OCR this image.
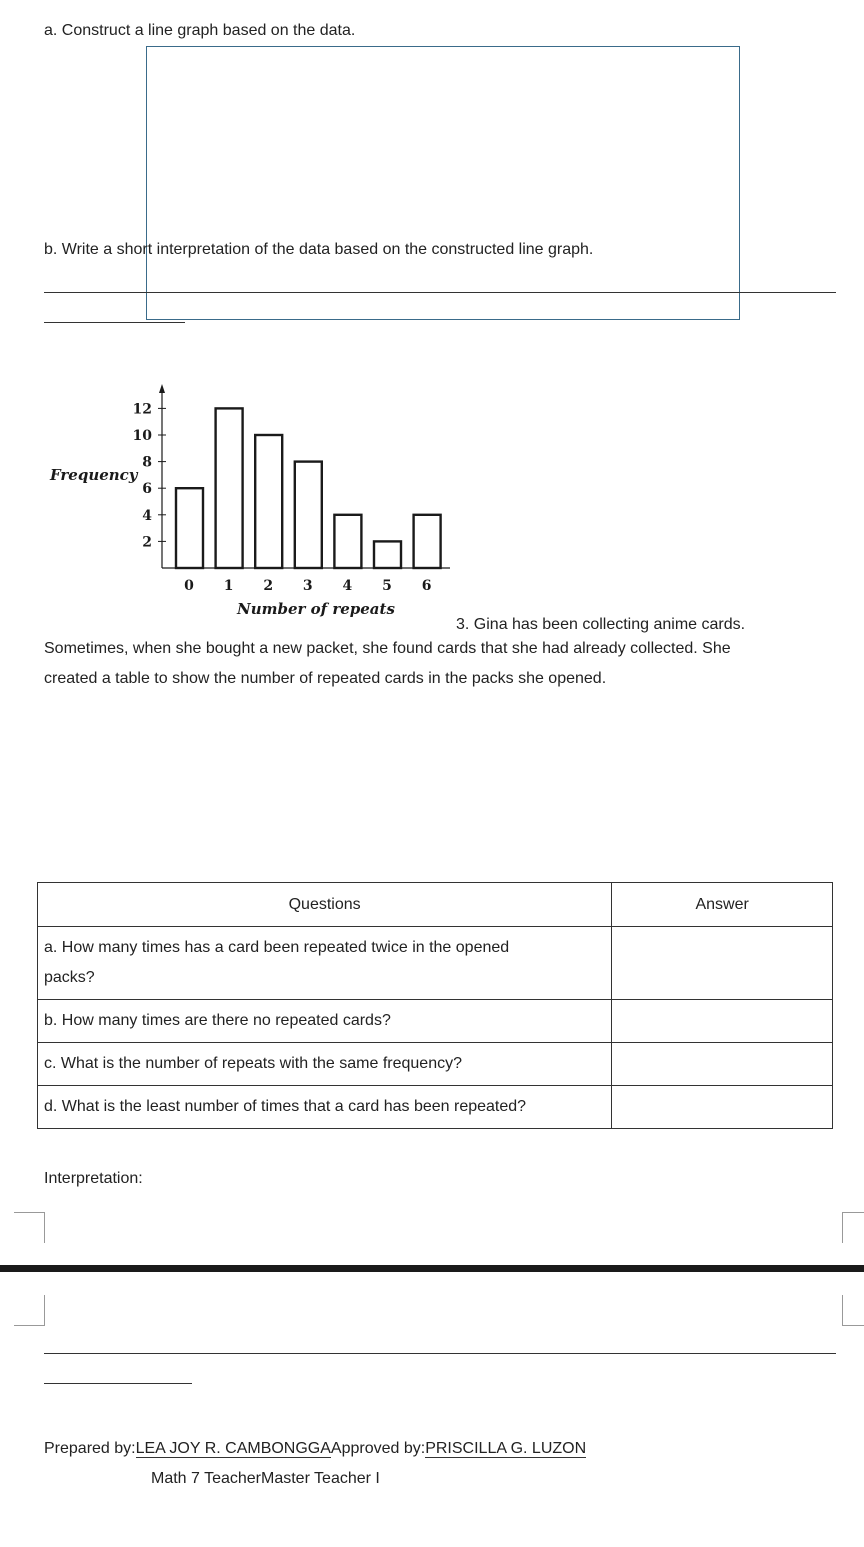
a. Construct a line graph based on the data.
b. Write a short interpretation of the data based on the constructed line graph.
2
4
6
8
10
12
0 1 2 3 4 5 6
Frequency
Number of repeats
3. Gina has been collecting anime cards.
Sometimes, when she bought a new packet, she found cards that she had already collected. She
created a table to show the number of repeated cards in the packs she opened.
Questions	Answer

a. How many times has a card been repeated twice in the opened
packs?	

b. How many times are there no repeated cards?	
c. What is the number of repeats with the same frequency?	
d. What is the least number of times that a card has been repeated?	
Interpretation:
Prepared by:LEA JOY R. CAMBONGGAApproved by:PRISCILLA G. LUZON
Math 7 TeacherMaster Teacher I
